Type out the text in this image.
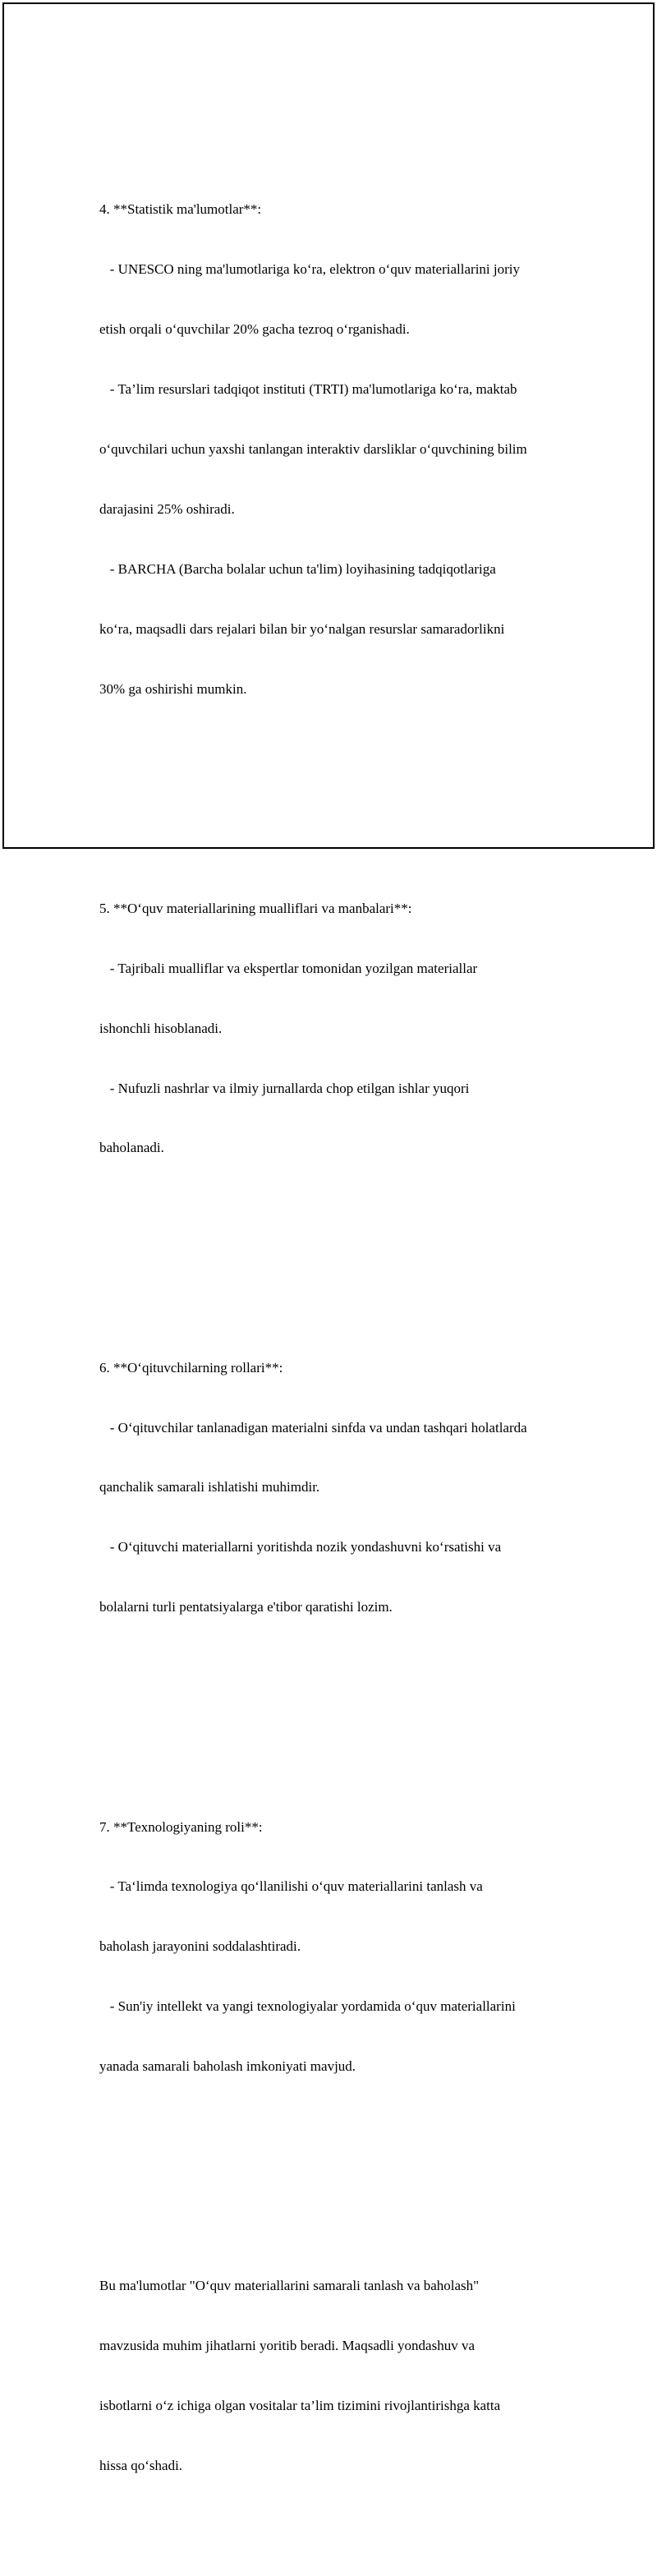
4. **Statistik ma'lumotlar**:

- UNESCO ning ma'lumotlariga ko‘ra, elektron o‘quv materiallarini joriy

etish orqali o‘quvchilar 20% gacha tezroq o‘rganishadi.

- Ta’lim resurslari tadqiqot instituti (TRTI) ma'lumotlariga ko‘ra, maktab

o‘quvchilari uchun yaxshi tanlangan interaktiv darsliklar o‘quvchining bilim

darajasini 25% oshiradi.

- BARCHA (Barcha bolalar uchun ta'lim) loyihasining tadqiqotlariga

ko‘ra, maqsadli dars rejalari bilan bir yo‘nalgan resurslar samaradorlikni

30% ga oshirishi mumkin.

5. **O‘quv materiallarining mualliflari va manbalari**:

- Tajribali mualliflar va ekspertlar tomonidan yozilgan materiallar

ishonchli hisoblanadi.

- Nufuzli nashrlar va ilmiy jurnallarda chop etilgan ishlar yuqori

baholanadi.

6. **O‘qituvchilarning rollari**:

- O‘qituvchilar tanlanadigan materialni sinfda va undan tashqari holatlarda

qanchalik samarali ishlatishi muhimdir.

- O‘qituvchi materiallarni yoritishda nozik yondashuvni ko‘rsatishi va

bolalarni turli pentatsiyalarga e'tibor qaratishi lozim.

7. **Texnologiyaning roli**:

- Ta‘limda texnologiya qo‘llanilishi o‘quv materiallarini tanlash va

baholash jarayonini soddalashtiradi.

- Sun'iy intellekt va yangi texnologiyalar yordamida o‘quv materiallarini

yanada samarali baholash imkoniyati mavjud.

Bu ma'lumotlar "O‘quv materiallarini samarali tanlash va baholash"

mavzusida muhim jihatlarni yoritib beradi. Maqsadli yondashuv va

isbotlarni o‘z ichiga olgan vositalar ta’lim tizimini rivojlantirishga katta

hissa qo‘shadi.
